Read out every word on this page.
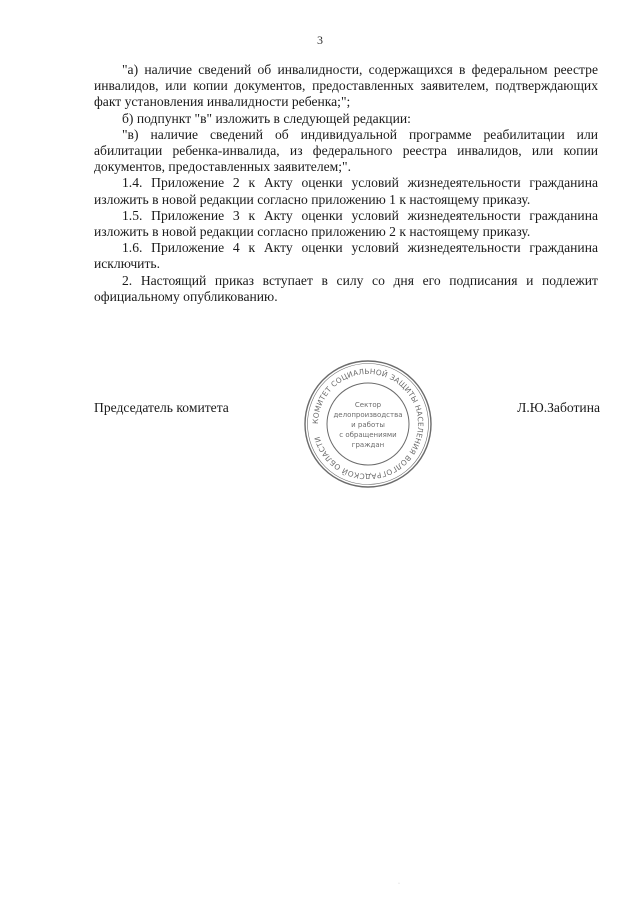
3

"а) наличие сведений об инвалидности, содержащихся в федеральном реестре инвалидов, или копии документов, предоставленных заявителем, подтверждающих факт установления инвалидности ребенка;";

б) подпункт "в" изложить в следующей редакции:

"в) наличие сведений об индивидуальной программе реабилитации или абилитации ребенка-инвалида, из федерального реестра инвалидов, или копии документов, предоставленных заявителем;".

1.4. Приложение 2 к Акту оценки условий жизнедеятельности гражданина изложить в новой редакции согласно приложению 1 к настоящему приказу.

1.5. Приложение 3 к Акту оценки условий жизнедеятельности гражданина изложить в новой редакции согласно приложению 2 к настоящему приказу.

1.6. Приложение 4 к Акту оценки условий жизнедеятельности гражданина исключить.

2. Настоящий приказ вступает в силу со дня его подписания и подлежит официальному опубликованию.

Председатель комитета	Л.Ю.Заботина
КОМИТЕТ СОЦИАЛЬНОЙ ЗАЩИТЫ НАСЕЛЕНИЯ ВОЛГОГРАДСКОЙ ОБЛАСТИ
Сектор
делопроизводства
и работы
с обращениями
граждан
·
